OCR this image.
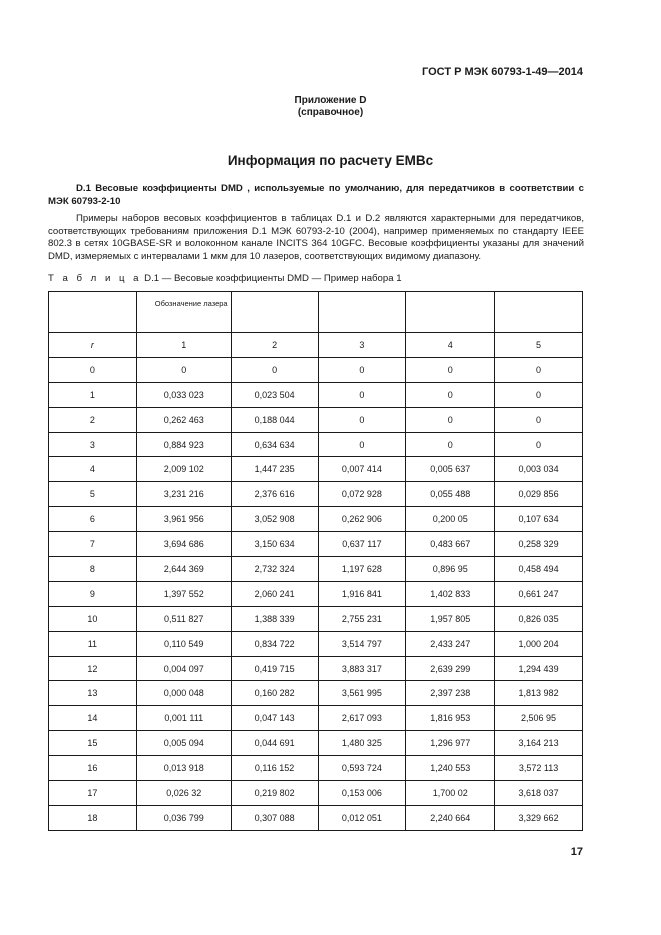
ГОСТ Р МЭК 60793-1-49—2014
Приложение D
(справочное)
Информация по расчету EMBc
D.1 Весовые коэффициенты DMD , используемые по умолчанию, для передатчиков в соответствии с МЭК 60793-2-10
Примеры наборов весовых коэффициентов в таблицах D.1 и D.2 являются характерными для передатчиков, соответствующих требованиям приложения D.1 МЭК 60793-2-10 (2004), например применяемых по стандарту IEEE 802.3 в сетях 10GBASE-SR и волоконном канале INCITS 364 10GFC. Весовые коэффициенты указаны для значений DMD, измеряемых с интервалами 1 мкм для 10 лазеров, соответствующих видимому диапазону.
Т а б л и ц а D.1 — Весовые коэффициенты DMD — Пример набора 1
	Обозначение лазера				
r	1	2	3	4	5
0	0	0	0	0	0
1	0,033 023	0,023 504	0	0	0
2	0,262 463	0,188 044	0	0	0
3	0,884 923	0,634 634	0	0	0
4	2,009 102	1,447 235	0,007 414	0,005 637	0,003 034
5	3,231 216	2,376 616	0,072 928	0,055 488	0,029 856
6	3,961 956	3,052 908	0,262 906	0,200 05	0,107 634
7	3,694 686	3,150 634	0,637 117	0,483 667	0,258 329
8	2,644 369	2,732 324	1,197 628	0,896 95	0,458 494
9	1,397 552	2,060 241	1,916 841	1,402 833	0,661 247
10	0,511 827	1,388 339	2,755 231	1,957 805	0,826 035
11	0,110 549	0,834 722	3,514 797	2,433 247	1,000 204
12	0,004 097	0,419 715	3,883 317	2,639 299	1,294 439
13	0,000 048	0,160 282	3,561 995	2,397 238	1,813 982
14	0,001 111	0,047 143	2,617 093	1,816 953	2,506 95
15	0,005 094	0,044 691	1,480 325	1,296 977	3,164 213
16	0,013 918	0,116 152	0,593 724	1,240 553	3,572 113
17	0,026 32	0,219 802	0,153 006	1,700 02	3,618 037
18	0,036 799	0,307 088	0,012 051	2,240 664	3,329 662
17
